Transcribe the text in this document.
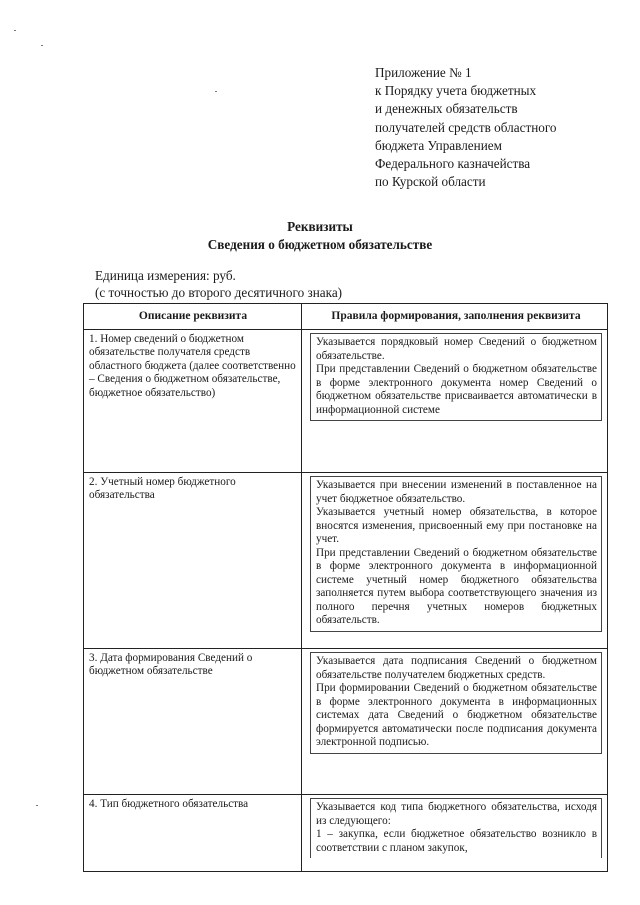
Приложение № 1
к Порядку учета бюджетных
и денежных обязательств
получателей средств областного
бюджета Управлением
Федерального казначейства
по Курской области
Реквизиты
Сведения о бюджетном обязательстве
Единица измерения: руб.
(с точностью до второго десятичного знака)
Описание реквизита	Правила формирования, заполнения реквизита
1. Номер сведений о бюджетном обязательстве получателя средств областного бюджета (далее соответственно – Сведения о бюджетном обязательстве, бюджетное обязательство)
Указывается порядковый номер Сведений о бюджетном обязательстве.
При представлении Сведений о бюджетном обязательстве в форме электронного документа номер Сведений о бюджетном обязательстве присваивается автоматически в информационной системе
2. Учетный номер бюджетного обязательства
Указывается при внесении изменений в поставленное на учет бюджетное обязательство.
Указывается учетный номер обязательства, в которое вносятся изменения, присвоенный ему при постановке на учет.
При представлении Сведений о бюджетном обязательстве в форме электронного документа в информационной системе учетный номер бюджетного обязательства заполняется путем выбора соответствующего значения из полного перечня учетных номеров бюджетных обязательств.
3. Дата формирования Сведений о бюджетном обязательстве
Указывается дата подписания Сведений о бюджетном обязательстве получателем бюджетных средств.
При формировании Сведений о бюджетном обязательстве в форме электронного документа в информационных системах дата Сведений о бюджетном обязательстве формируется автоматически после подписания документа электронной подписью.
4. Тип бюджетного обязательства	Указывается код типа бюджетного обязательства, исходя из следующего:
1 – закупка, если бюджетное обязательство возникло в соответствии с планом закупок,
